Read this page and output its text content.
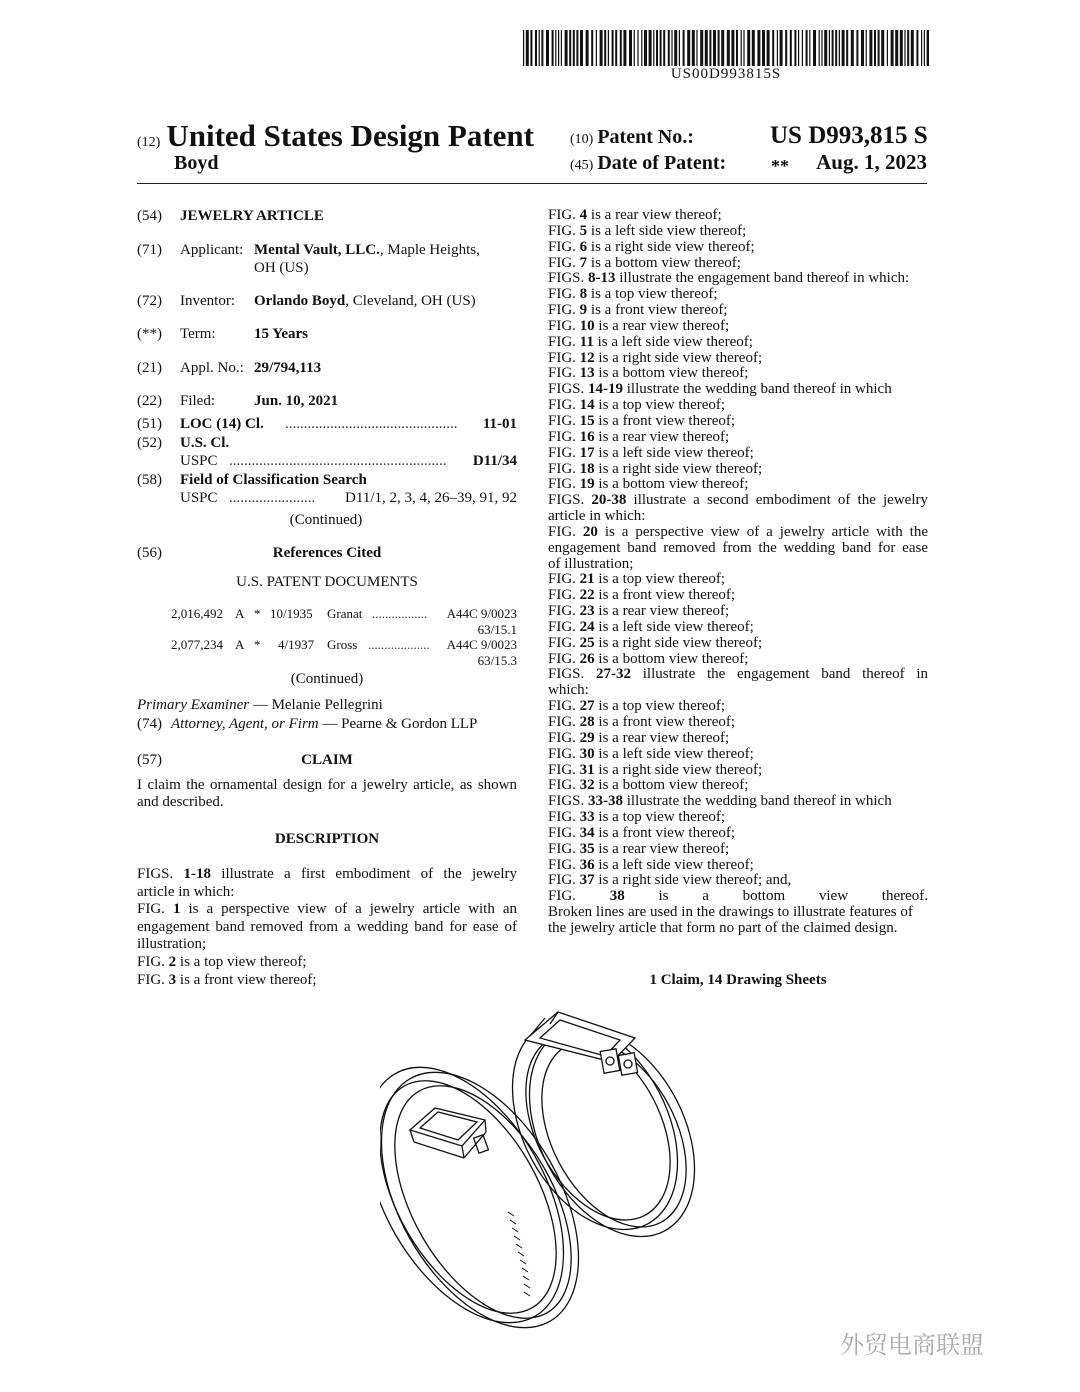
US00D993815S
(12) United States Design Patent
Boyd
(10) Patent No.:	US D993,815 S
(45) Date of Patent: **	Aug. 1, 2023
(54) JEWELRY ARTICLE
(71) Applicant: Mental Vault, LLC., Maple Heights,
OH (US)
(72) Inventor: Orlando Boyd, Cleveland, OH (US)
(**) Term:	15 Years
(21) Appl. No.: 29/794,113
(22) Filed:	Jun. 10, 2021
(51) LOC (14) Cl. ..............................................	11-01
(52) U.S. Cl.
USPC ..........................................................	D11/34
(58) Field of Classification Search
USPC .......................	D11/1, 2, 3, 4, 26–39, 91, 92
(Continued)
(56)	References Cited
U.S. PATENT DOCUMENTS
2,016,492 A * 10/1935 Granat .................	A44C 9/0023
63/15.1
2,077,234 A * 4/1937 Gross ...................	A44C 9/0023
63/15.3
(Continued)
Primary Examiner — Melanie Pellegrini
(74) Attorney, Agent, or Firm — Pearne & Gordon LLP
(57)	CLAIM
I claim the ornamental design for a jewelry article, as shown
and described.
DESCRIPTION
FIGS. 1-18 illustrate a first embodiment of the jewelry
article in which:
FIG. 1 is a perspective view of a jewelry article with an
engagement band removed from a wedding band for ease of
illustration;
FIG. 2 is a top view thereof;
FIG. 3 is a front view thereof;
FIG. 4 is a rear view thereof;
FIG. 5 is a left side view thereof;
FIG. 6 is a right side view thereof;
FIG. 7 is a bottom view thereof;
FIGS. 8-13 illustrate the engagement band thereof in which:
FIG. 8 is a top view thereof;
FIG. 9 is a front view thereof;
FIG. 10 is a rear view thereof;
FIG. 11 is a left side view thereof;
FIG. 12 is a right side view thereof;
FIG. 13 is a bottom view thereof;
FIGS. 14-19 illustrate the wedding band thereof in which
FIG. 14 is a top view thereof;
FIG. 15 is a front view thereof;
FIG. 16 is a rear view thereof;
FIG. 17 is a left side view thereof;
FIG. 18 is a right side view thereof;
FIG. 19 is a bottom view thereof;
FIGS. 20-38 illustrate a second embodiment of the jewelry
article in which:
FIG. 20 is a perspective view of a jewelry article with the
engagement band removed from the wedding band for ease
of illustration;
FIG. 21 is a top view thereof;
FIG. 22 is a front view thereof;
FIG. 23 is a rear view thereof;
FIG. 24 is a left side view thereof;
FIG. 25 is a right side view thereof;
FIG. 26 is a bottom view thereof;
FIGS. 27-32 illustrate the engagement band thereof in
which:
FIG. 27 is a top view thereof;
FIG. 28 is a front view thereof;
FIG. 29 is a rear view thereof;
FIG. 30 is a left side view thereof;
FIG. 31 is a right side view thereof;
FIG. 32 is a bottom view thereof;
FIGS. 33-38 illustrate the wedding band thereof in which
FIG. 33 is a top view thereof;
FIG. 34 is a front view thereof;
FIG. 35 is a rear view thereof;
FIG. 36 is a left side view thereof;
FIG. 37 is a right side view thereof; and,
FIG. 38 is a bottom view thereof.
Broken lines are used in the drawings to illustrate features of
the jewelry article that form no part of the claimed design.
1 Claim, 14 Drawing Sheets
外贸电商联盟
